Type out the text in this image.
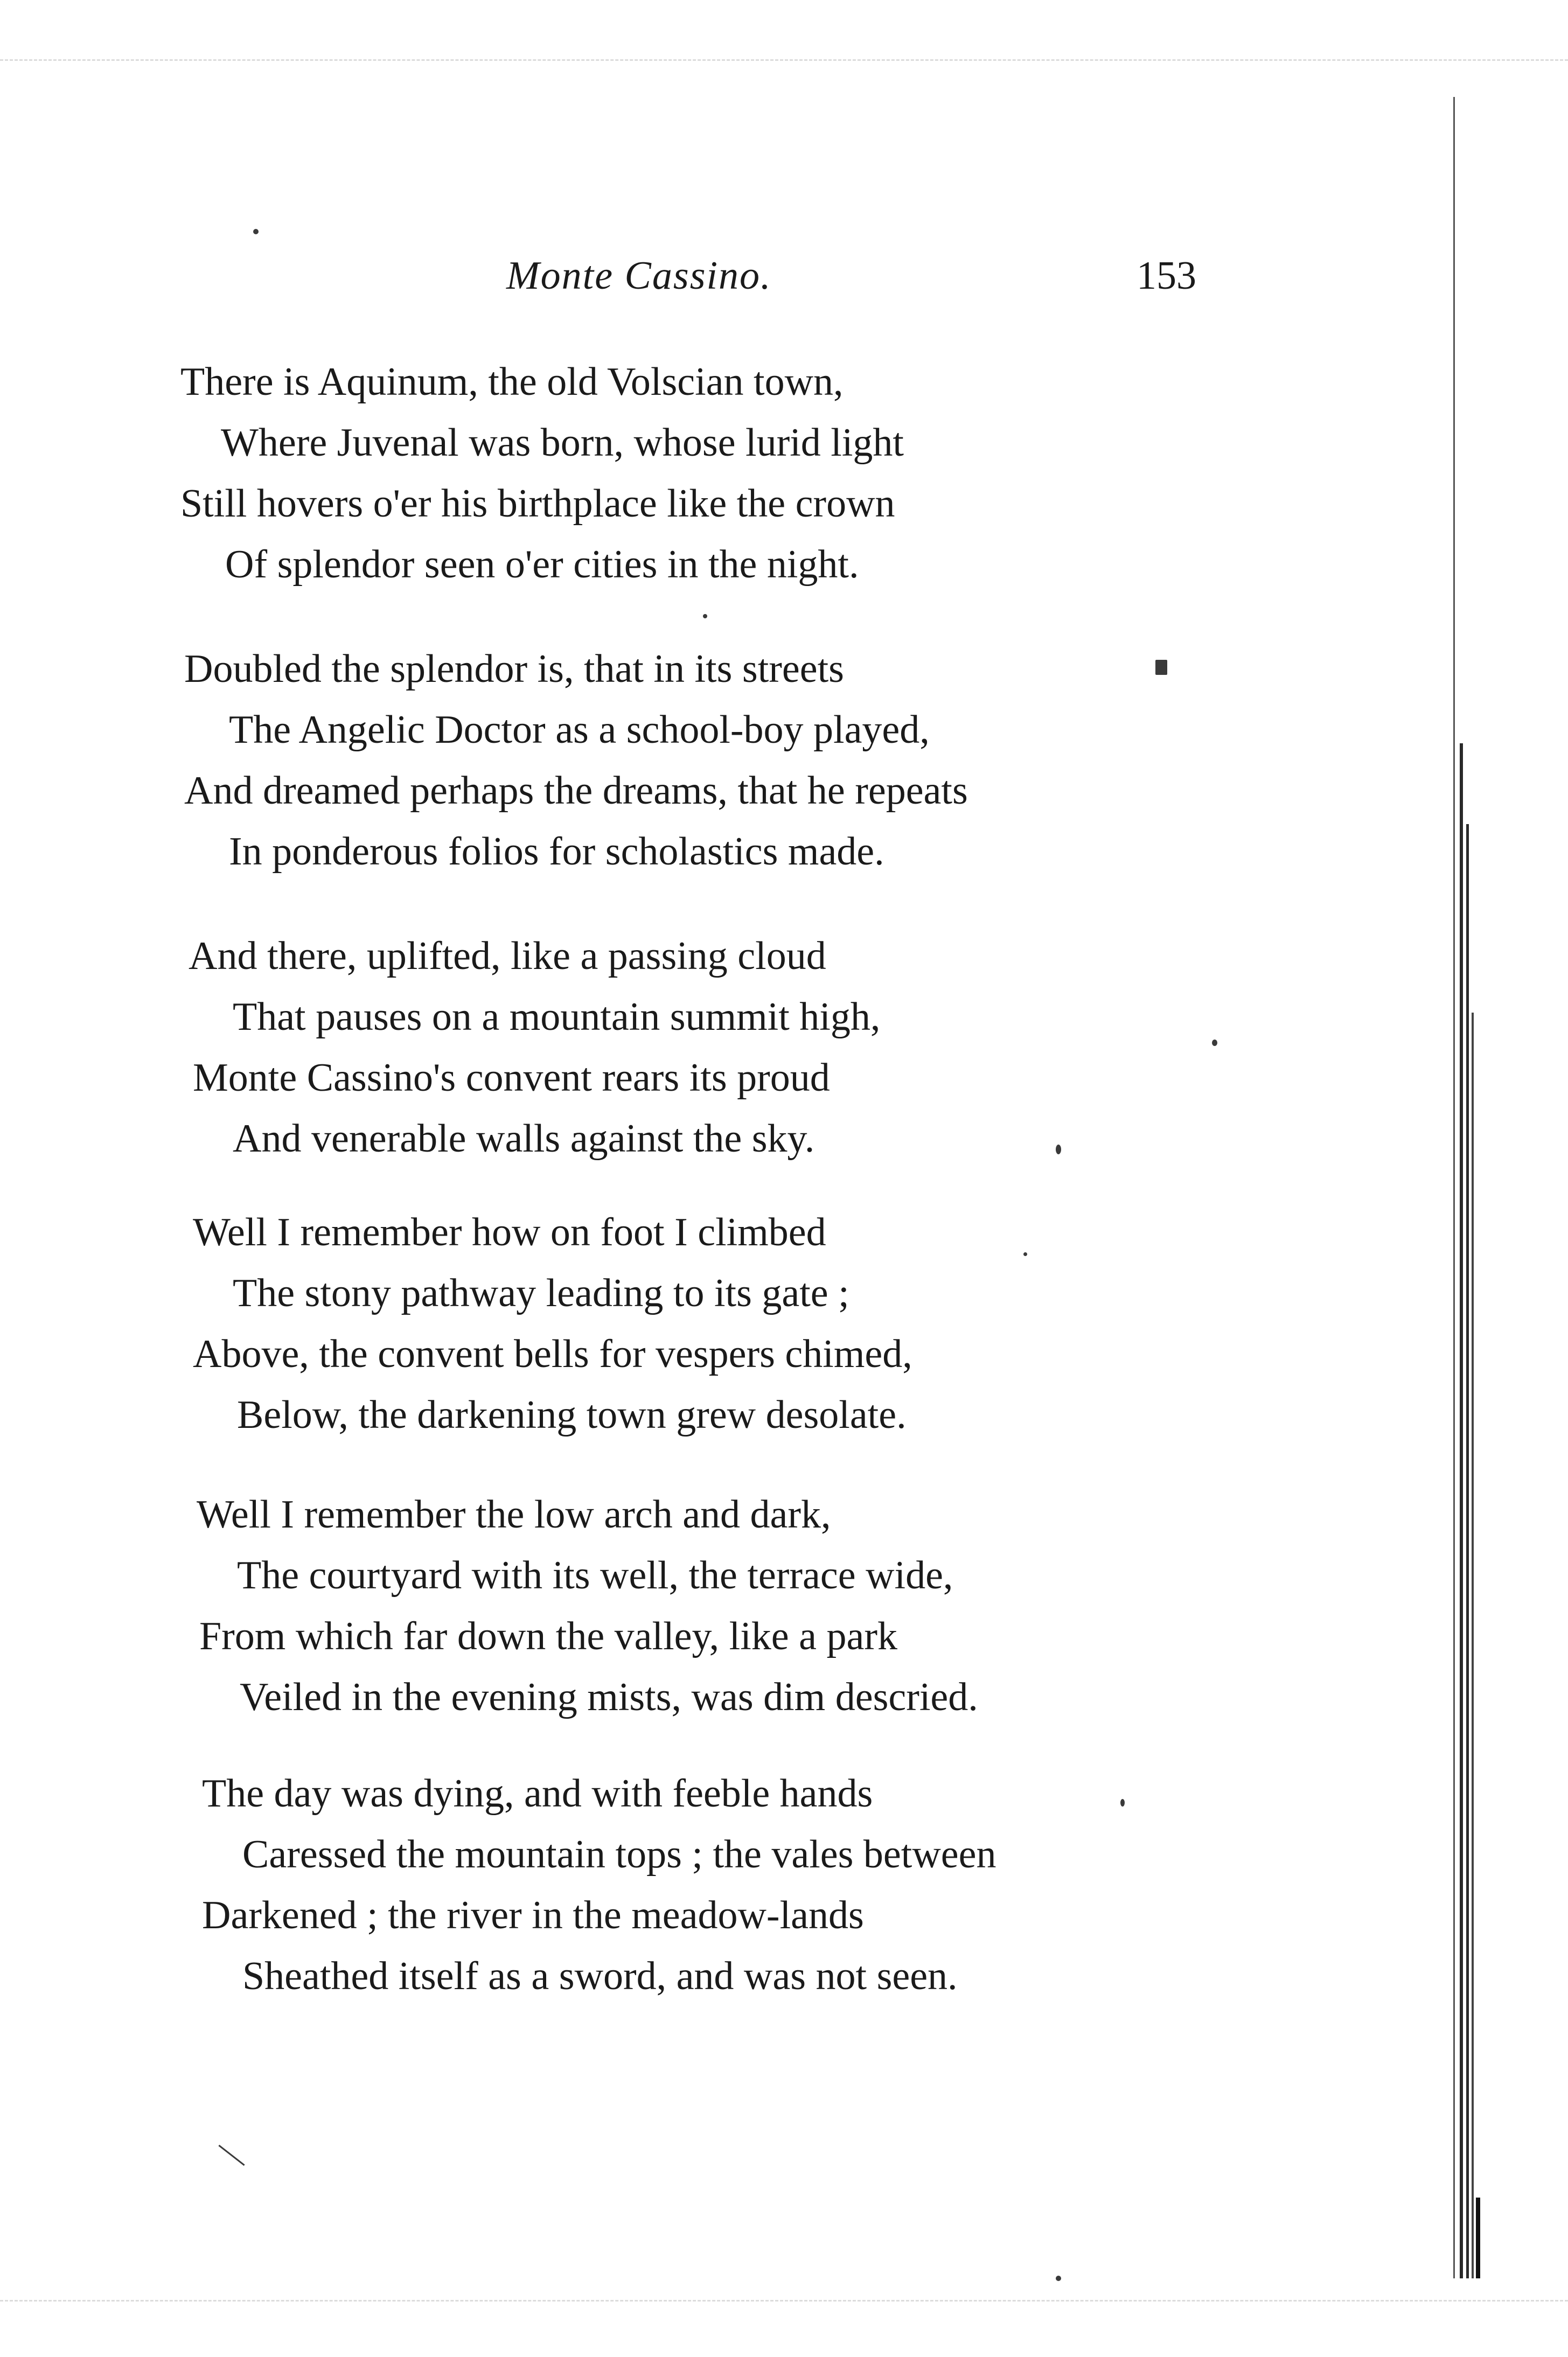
Monte Cassino.	153
There is Aquinum, the old Volscian town,
Where Juvenal was born, whose lurid light
Still hovers o'er his birthplace like the crown
Of splendor seen o'er cities in the night.
Doubled the splendor is, that in its streets
The Angelic Doctor as a school-boy played,
And dreamed perhaps the dreams, that he repeats
In ponderous folios for scholastics made.
And there, uplifted, like a passing cloud
That pauses on a mountain summit high,
Monte Cassino's convent rears its proud
And venerable walls against the sky.
Well I remember how on foot I climbed
The stony pathway leading to its gate ;
Above, the convent bells for vespers chimed,
Below, the darkening town grew desolate.
Well I remember the low arch and dark,
The courtyard with its well, the terrace wide,
From which far down the valley, like a park
Veiled in the evening mists, was dim descried.
The day was dying, and with feeble hands
Caressed the mountain tops ; the vales between
Darkened ; the river in the meadow-lands
Sheathed itself as a sword, and was not seen.
